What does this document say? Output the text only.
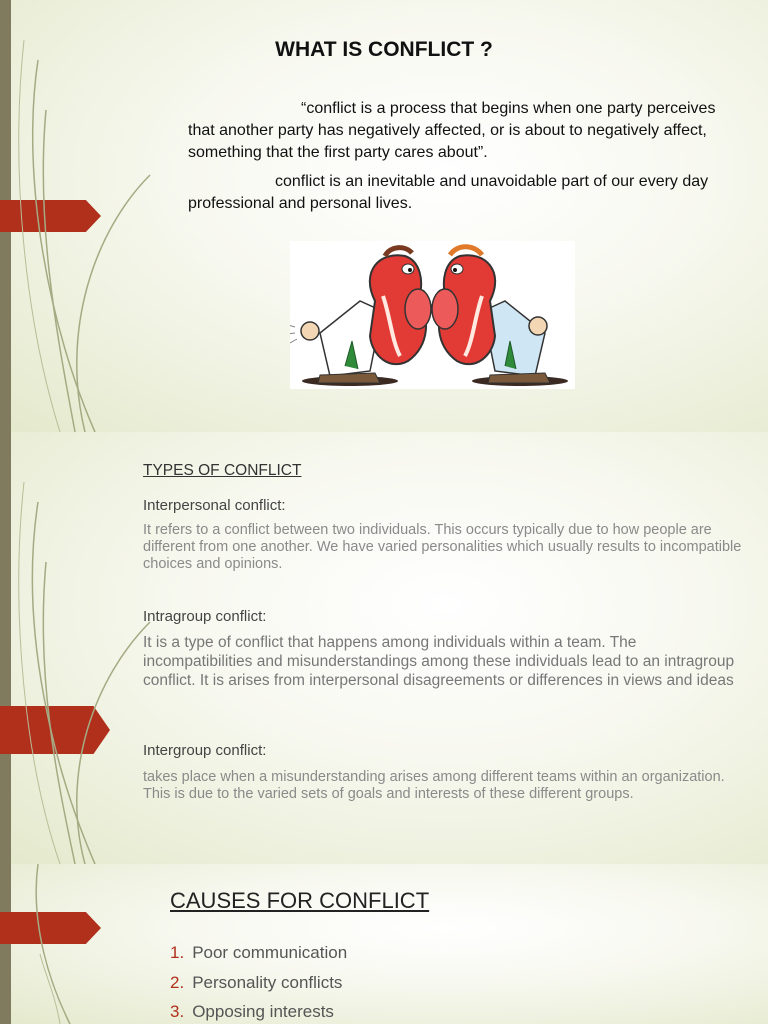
WHAT IS CONFLICT ?
“conflict is a process that begins when one party perceives that another party has negatively affected, or is about to negatively affect, something that the first party cares about”.
conflict is an inevitable and unavoidable part of our every day professional and personal lives.
TYPES OF CONFLICT
Interpersonal conflict:
It refers to a conflict between two individuals. This occurs typically due to how people are different from one another. We have varied personalities which usually results to incompatible choices and opinions.
Intragroup conflict:
It is a type of conflict that happens among individuals within a team. The incompatibilities and misunderstandings among these individuals lead to an intragroup conflict. It is arises from interpersonal disagreements or differences in views and ideas
Intergroup conflict:
takes place when a misunderstanding arises among different teams within an organization. This is due to the varied sets of goals and interests of these different groups.
CAUSES FOR CONFLICT
1. Poor communication
2. Personality conflicts
3. Opposing interests
